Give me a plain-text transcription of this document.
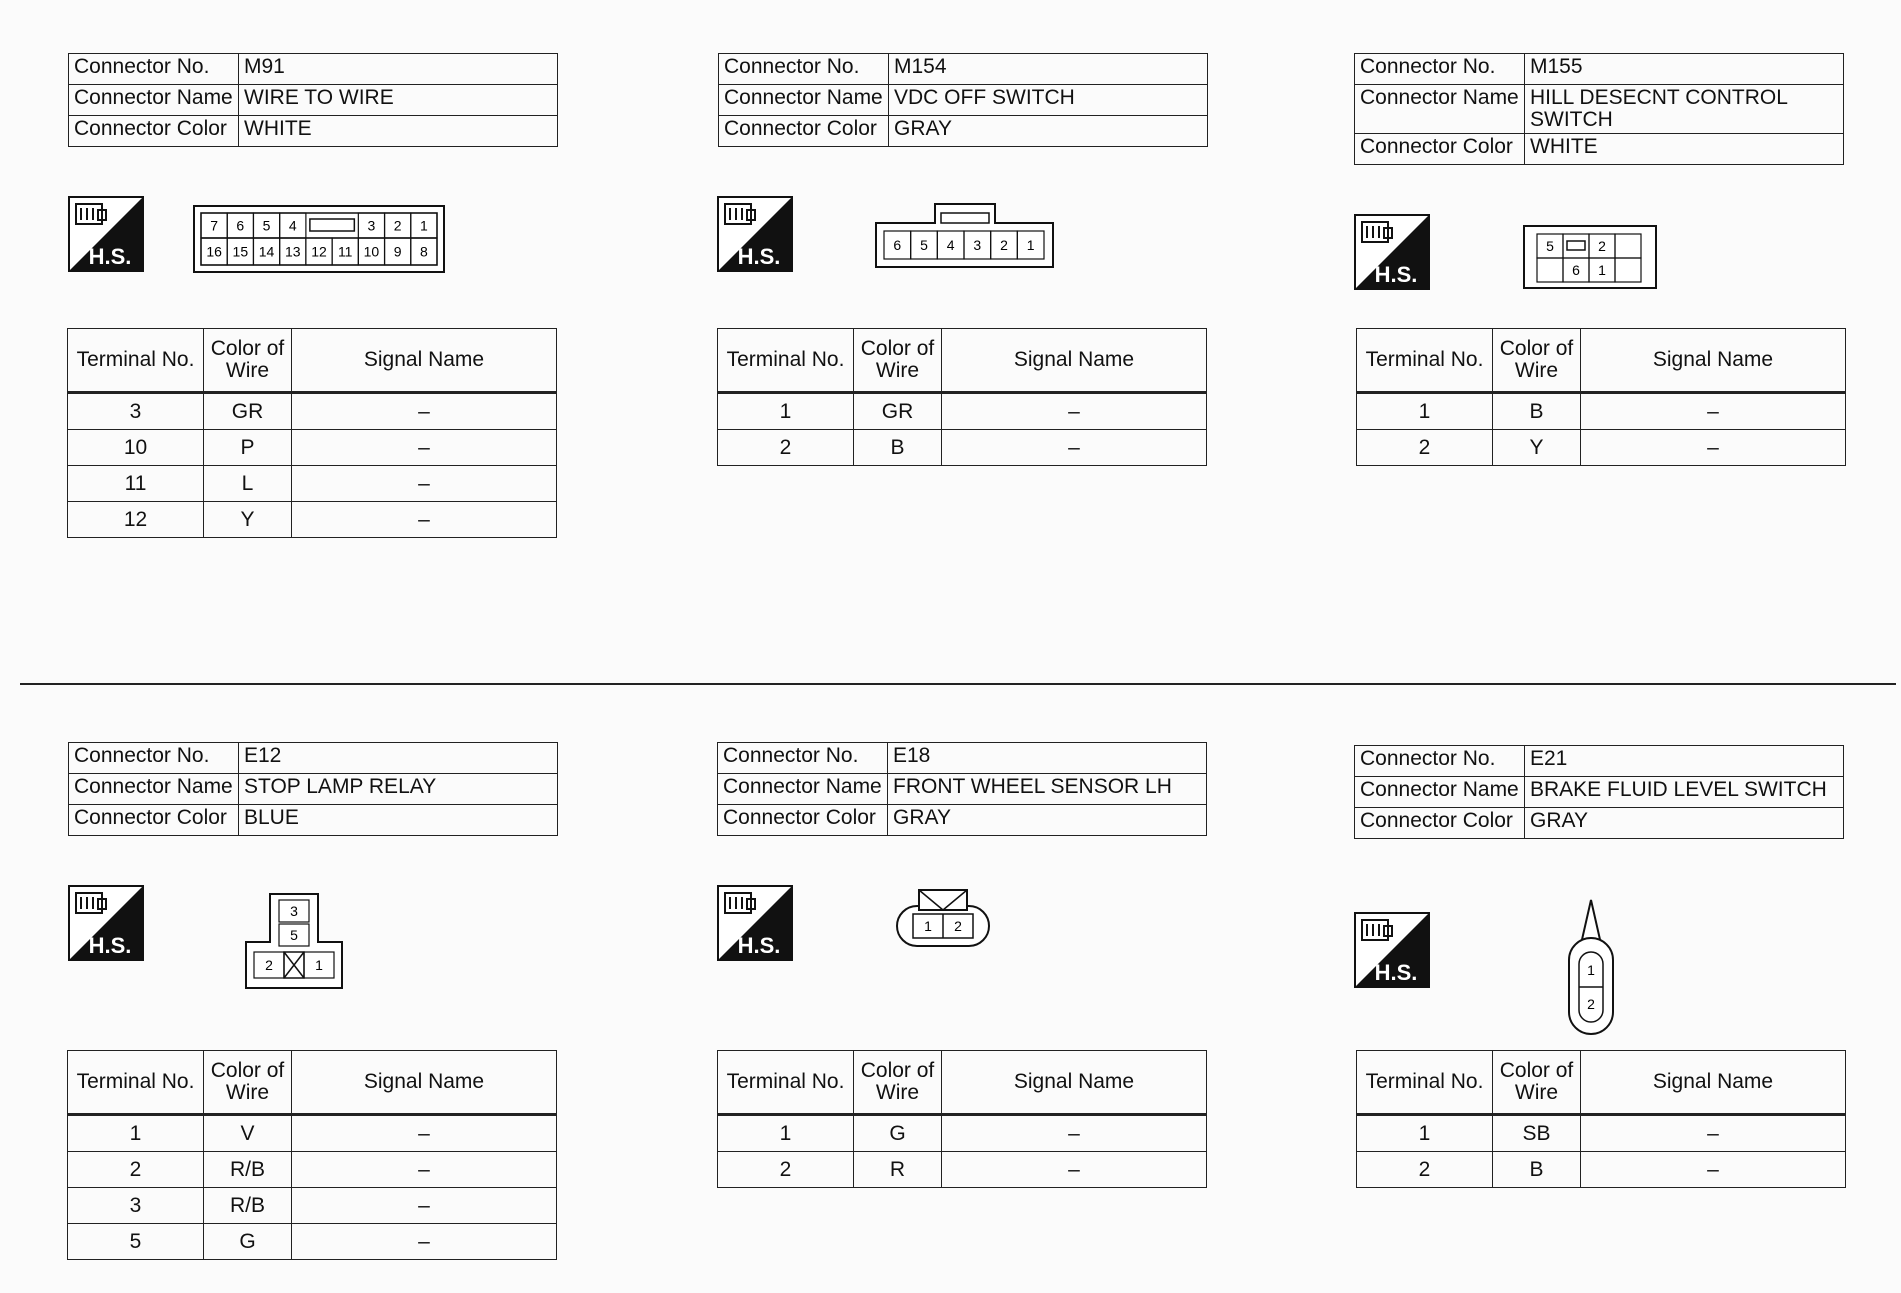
Connector No.	M91
Connector Name	WIRE TO WIRE
Connector Color	WHITE
H.S.
7 6 5 4	3 2 1
16 15 14 13 12 11 10 9 8
Terminal No.	Color of Wire	Signal Name
3	GR	–
10	P	–
11	L	–
12	Y	–
Connector No.	M154
Connector Name	VDC OFF SWITCH
Connector Color	GRAY
H.S.	6 5 4 3 2 1
Terminal No.	Color of Wire	Signal Name
1	GR	–
2	B	–
Connector No.	M155
Connector Name	HILL DESECNT CONTROL SWITCH
Connector Color	WHITE
H.S.
5	2
6 1
Terminal No.	Color of Wire	Signal Name
1	B	–
2	Y	–
Connector No.	E12
Connector Name	STOP LAMP RELAY
Connector Color	BLUE
H.S.
3
5
2	1
Terminal No.	Color of Wire	Signal Name
1	V	–
2	R/B	–
3	R/B	–
5	G	–
Connector No.	E18
Connector Name	FRONT WHEEL SENSOR LH
Connector Color	GRAY
H.S.
1 2
Terminal No.	Color of Wire	Signal Name
1	G	–
2	R	–
Connector No.	E21
Connector Name	BRAKE FLUID LEVEL SWITCH
Connector Color	GRAY
H.S.	1
2
Terminal No.	Color of Wire	Signal Name
1	SB	–
2	B	–
